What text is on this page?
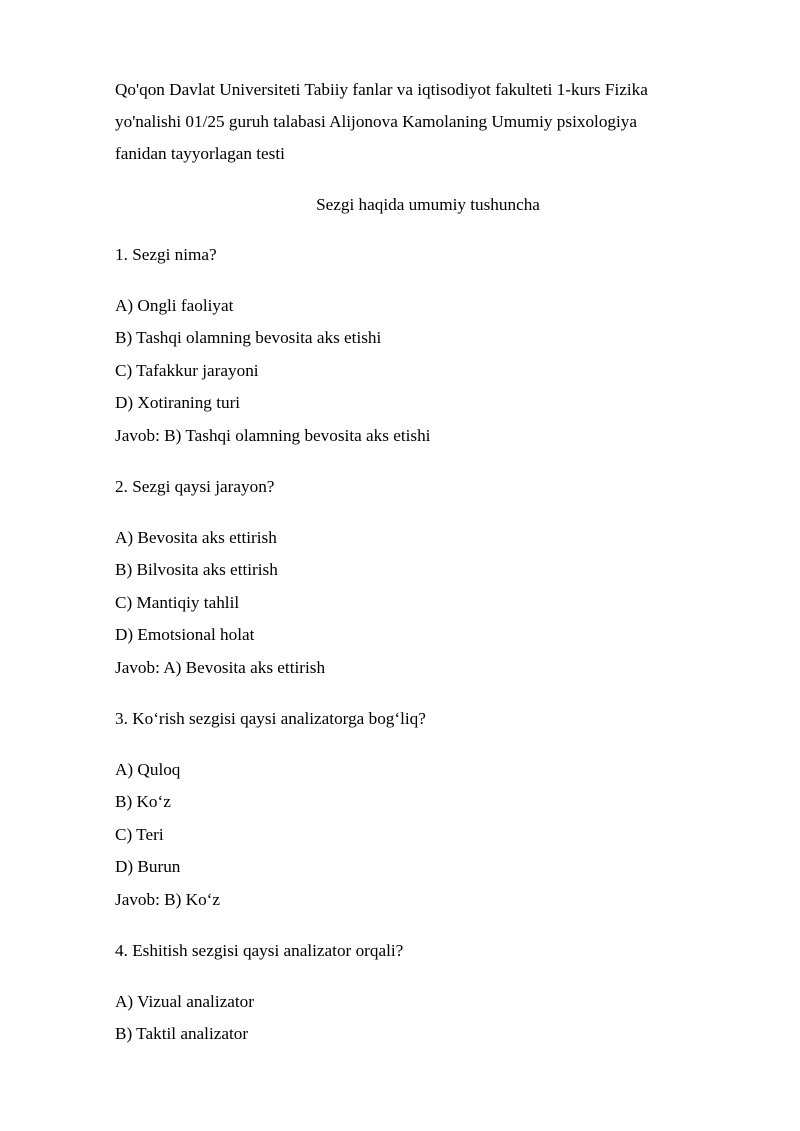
Qo'qon Davlat Universiteti Tabiiy fanlar va iqtisodiyot fakulteti 1-kurs Fizika
yo'nalishi 01/25 guruh talabasi Alijonova Kamolaning Umumiy psixologiya
fanidan tayyorlagan testi
Sezgi haqida umumiy tushuncha
1. Sezgi nima?
A) Ongli faoliyat
B) Tashqi olamning bevosita aks etishi
C) Tafakkur jarayoni
D) Xotiraning turi
Javob: B) Tashqi olamning bevosita aks etishi
2. Sezgi qaysi jarayon?
A) Bevosita aks ettirish
B) Bilvosita aks ettirish
C) Mantiqiy tahlil
D) Emotsional holat
Javob: A) Bevosita aks ettirish
3. Ko‘rish sezgisi qaysi analizatorga bog‘liq?
A) Quloq
B) Ko‘z
C) Teri
D) Burun
Javob: B) Ko‘z
4. Eshitish sezgisi qaysi analizator orqali?
A) Vizual analizator
B) Taktil analizator
